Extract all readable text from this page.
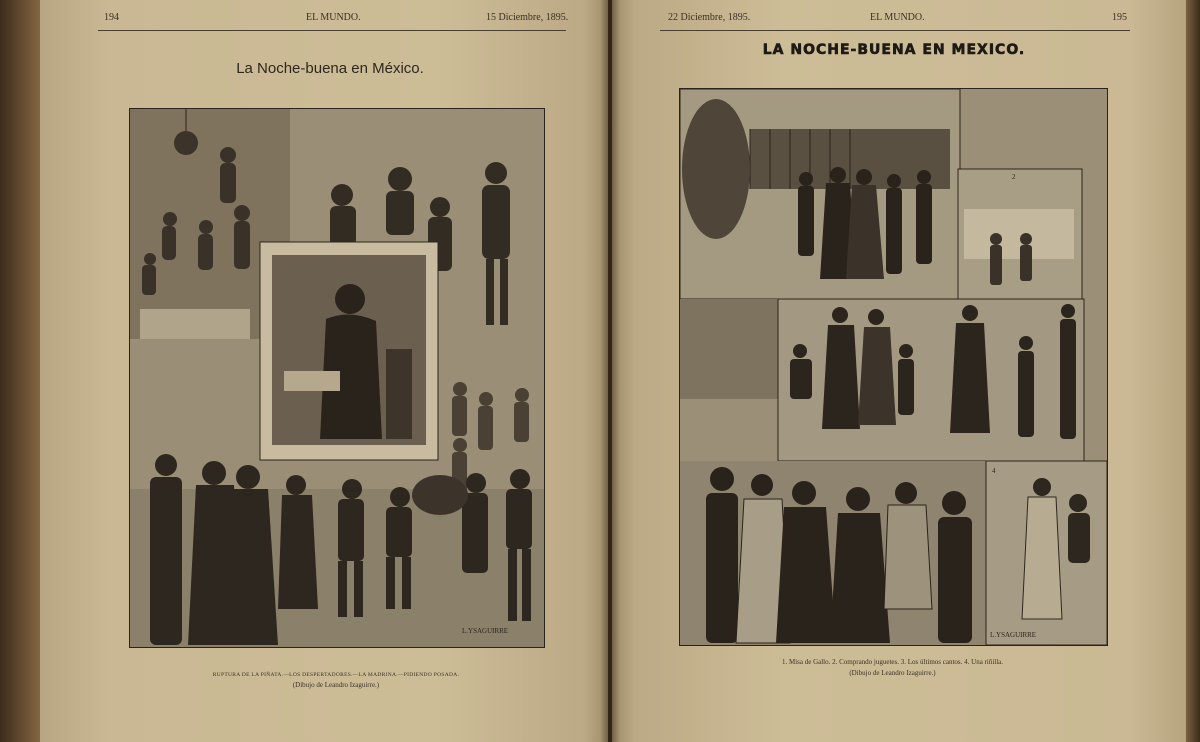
194	EL MUNDO.	15 Diciembre, 1895.	22 Diciembre, 1895.	EL MUNDO.	195
La Noche-buena en México.
LA NOCHE-BUENA EN MEXICO.
L.YSAGUIRRE
RUPTURA DE LA PIÑATA.—LOS DESPERTADORES.—LA MADRINA.—PIDIENDO POSADA.
(Dibujo de Leandro Izaguirre.)
2
4
L.YSAGUIRRE
1. Misa de Gallo. 2. Comprando juguetes. 3. Los últimos cantos. 4. Una riñilla.
(Dibujo de Leandro Izaguirre.)
